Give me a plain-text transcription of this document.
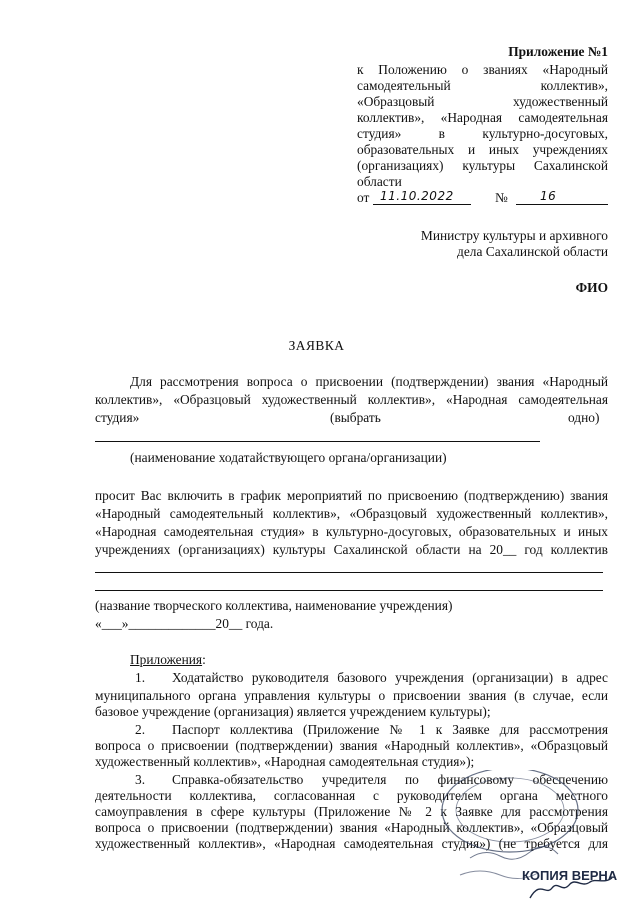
Приложение №1
к Положению о званиях «Народный
самодеятельный коллектив»,
«Образцовый художественный
коллектив», «Народная самодеятельная
студия» в культурно-досуговых,
образовательных и иных учреждениях
(организациях) культуры Сахалинской
области
от 11.10.2022	№	16
Министру культуры и архивного
дела Сахалинской области
ФИО
ЗАЯВКА
Для рассмотрения вопроса о присвоении (подтверждении) звания «Народный
коллектив», «Образцовый художественный коллектив», «Народная самодеятельная
студия»	(выбрать	одно)
(наименование ходатайствующего органа/организации)
просит Вас включить в график мероприятий по присвоению (подтверждению) звания
«Народный самодеятельный коллектив», «Образцовый художественный коллектив»,
«Народная самодеятельная студия» в культурно-досуговых, образовательных и иных
учреждениях (организациях) культуры Сахалинской области на 20__ год коллектив
(название творческого коллектива, наименование учреждения)
«___»_____________20__ года.
Приложения:
1. Ходатайство руководителя базового учреждения (организации) в адрес
муниципального органа управления культуры о присвоении звания (в случае, если
базовое учреждение (организация) является учреждением культуры);
2. Паспорт коллектива (Приложение № 1 к Заявке для рассмотрения
вопроса о присвоении (подтверждении) звания «Народный коллектив», «Образцовый
художественный коллектив», «Народная самодеятельная студия»);
3. Справка-обязательство учредителя по финансовому обеспечению
деятельности коллектива, согласованная с руководителем органа местного
самоуправления в сфере культуры (Приложение № 2 к Заявке для рассмотрения
вопроса о присвоении (подтверждении) звания «Народный коллектив», «Образцовый
художественный коллектив», «Народная самодеятельная студия») (не требуется для
КОПИЯ ВЕРНА
